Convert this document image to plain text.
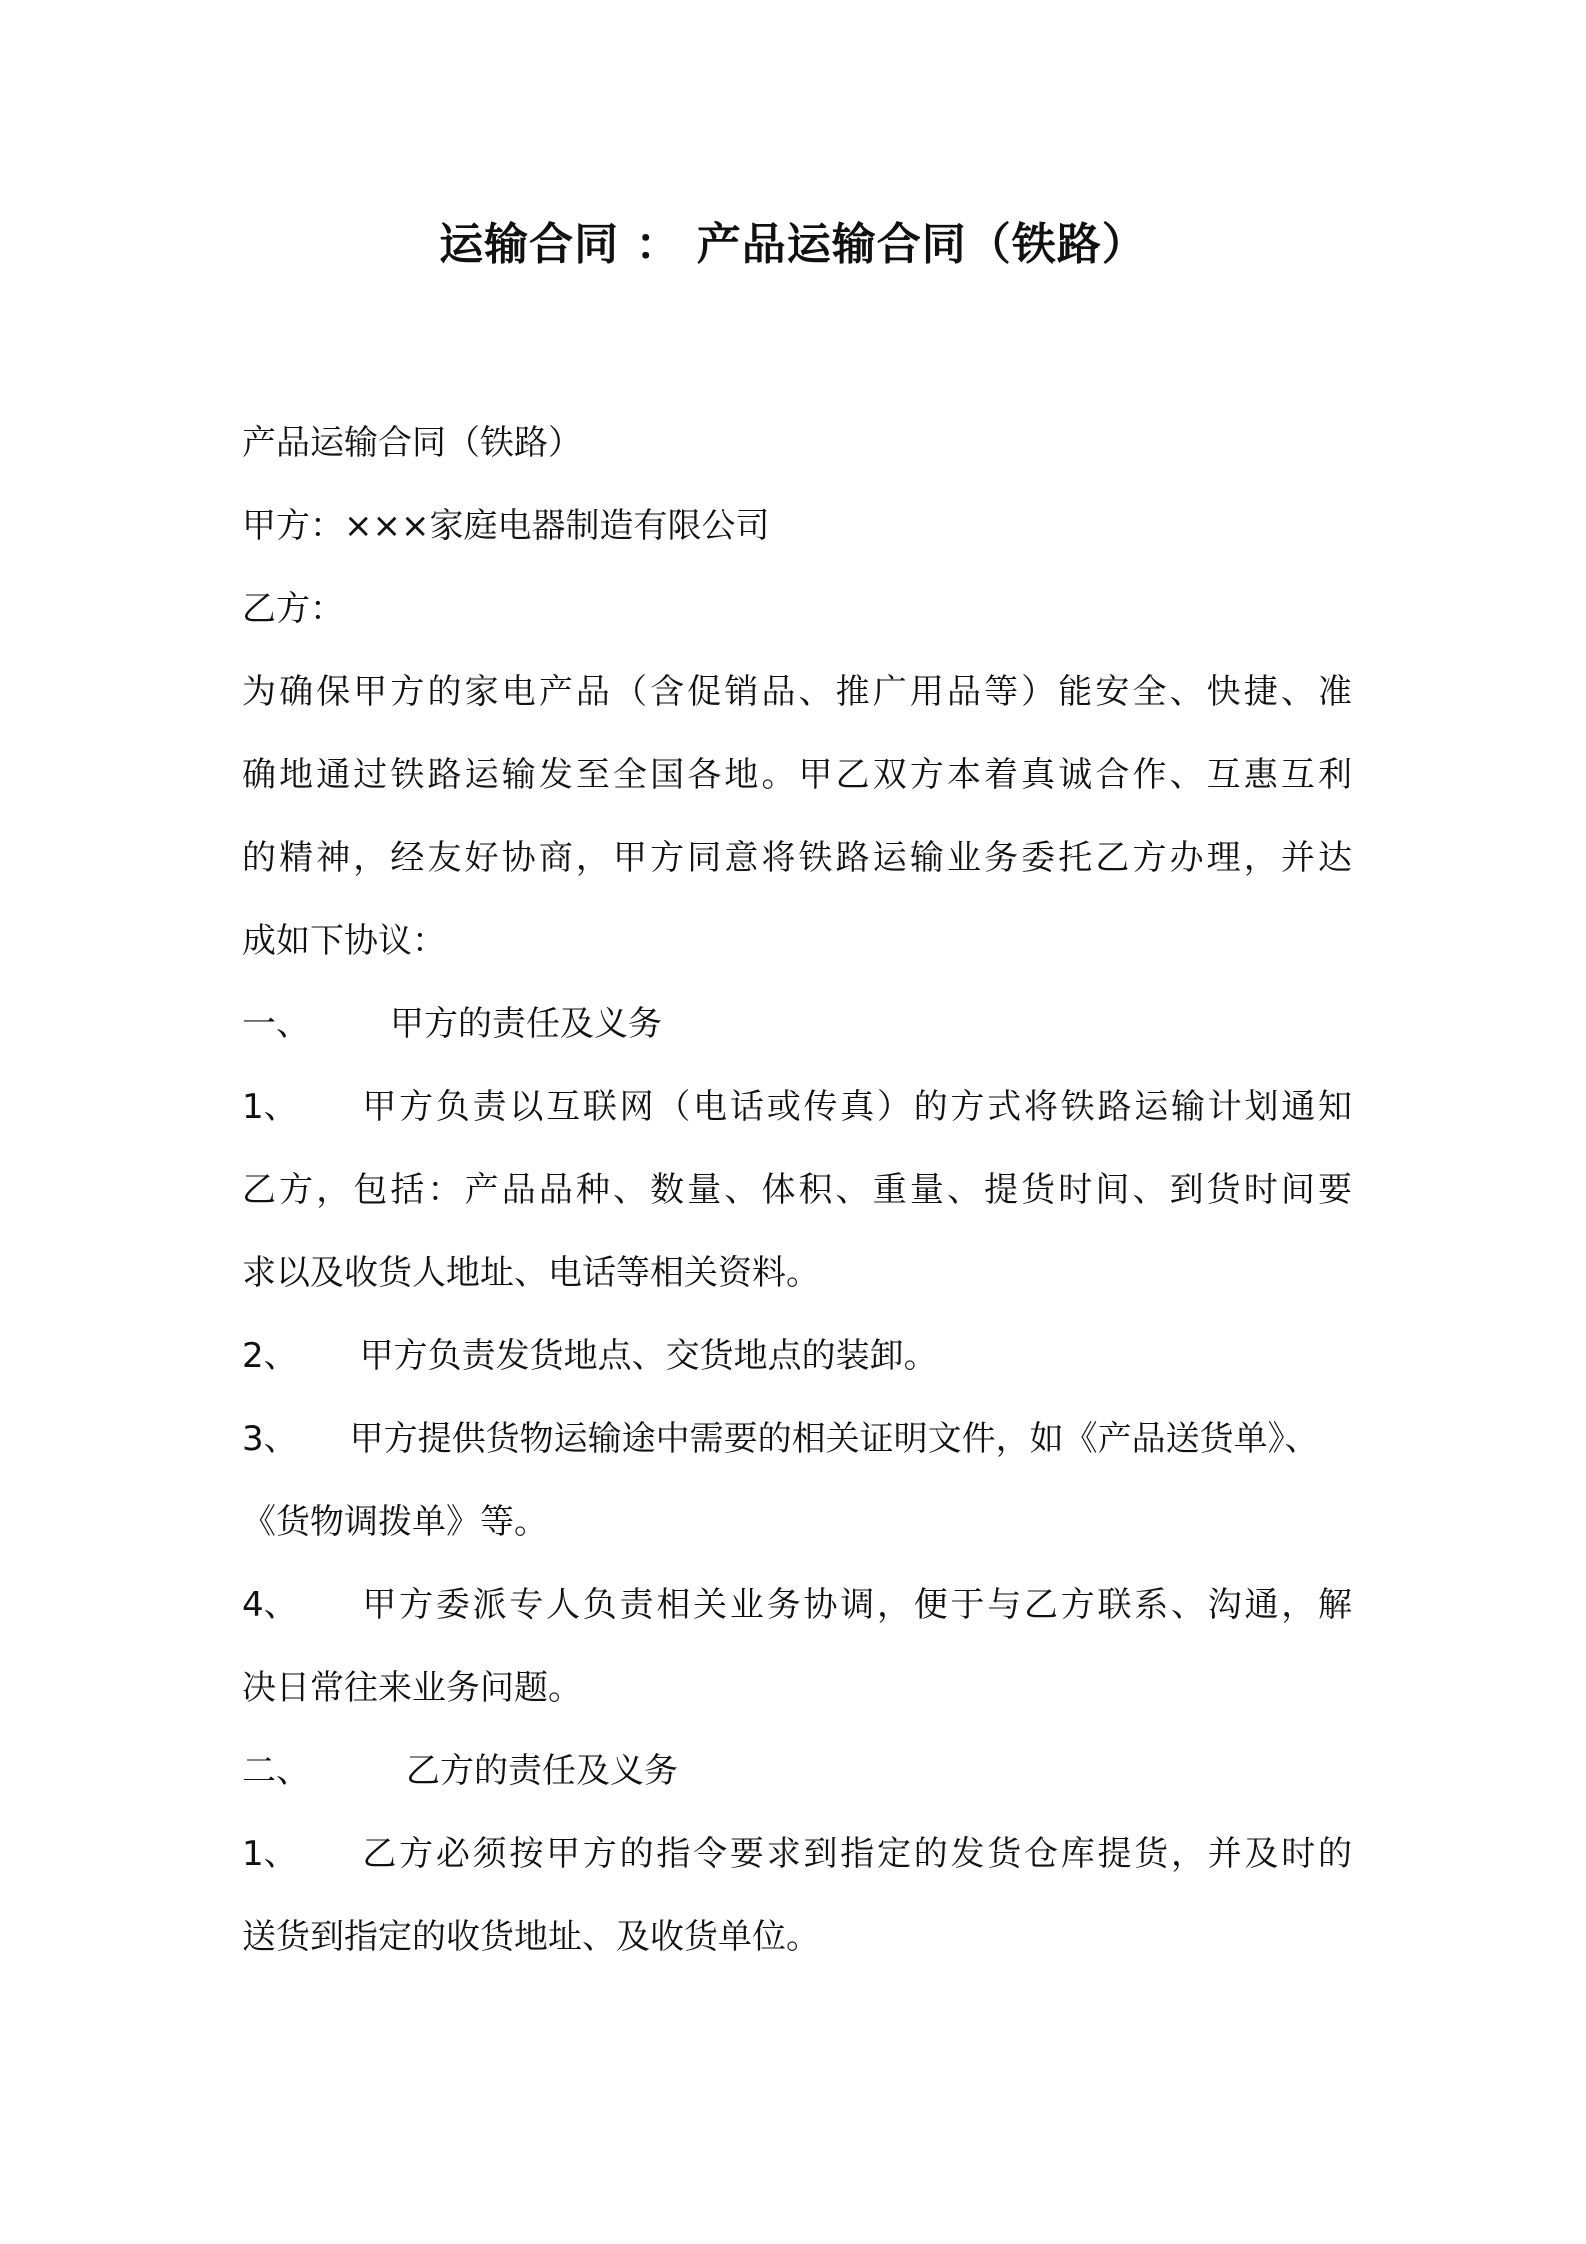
运输合同 ： 产品运输合同（铁路）
产品运输合同（铁路）
甲方：×××家庭电器制造有限公司
乙方：
为确保甲方的家电产品（含促销品、推广用品等）能安全、快捷、准
确地通过铁路运输发至全国各地。甲乙双方本着真诚合作、互惠互利
的精神，经友好协商，甲方同意将铁路运输业务委托乙方办理，并达
成如下协议：
一、 甲方的责任及义务
1、 甲方负责以互联网（电话或传真）的方式将铁路运输计划通知
乙方，包括：产品品种、数量、体积、重量、提货时间、到货时间要
求以及收货人地址、电话等相关资料。
2、 甲方负责发货地点、交货地点的装卸。
3、 甲方提供货物运输途中需要的相关证明文件，如《产品送货单》、
《货物调拨单》等。
4、 甲方委派专人负责相关业务协调，便于与乙方联系、沟通，解
决日常往来业务问题。
二、	乙方的责任及义务
1、 乙方必须按甲方的指令要求到指定的发货仓库提货，并及时的
送货到指定的收货地址、及收货单位。
